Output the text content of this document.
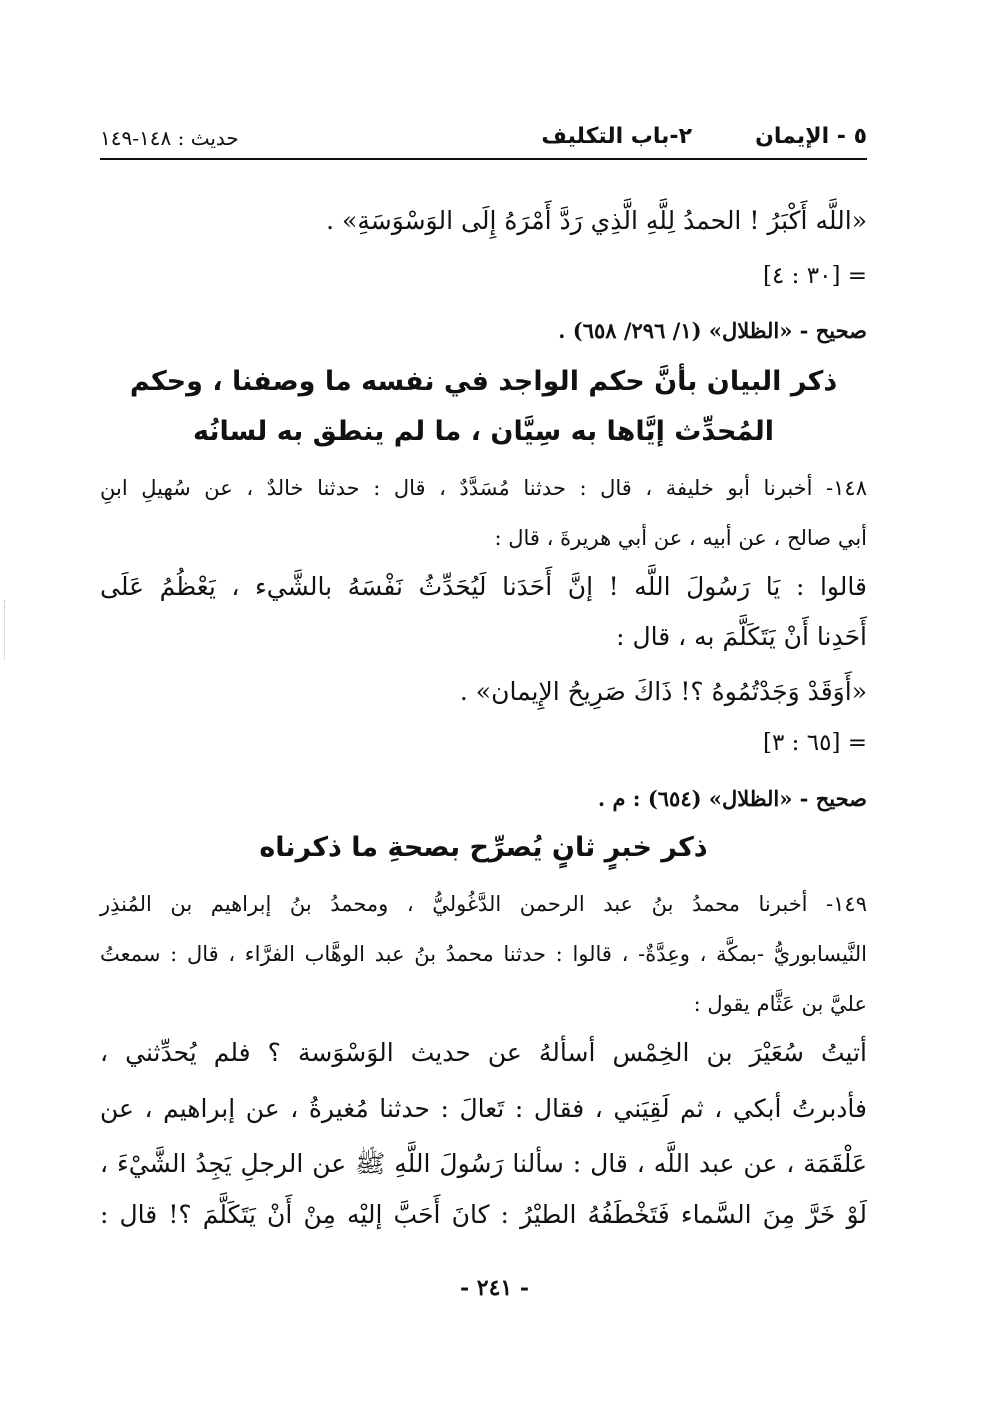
٥ - الإيمان
٢-باب التكليف
حديث : ١٤٨-١٤٩
«اللَّه أَكْبَرُ ! الحمدُ لِلَّهِ الَّذِي رَدَّ أَمْرَهُ إِلَى الوَسْوَسَةِ» .
[٣٠ : ٤] =
صحيح - «الظلال» (١/ ٢٩٦/ ٦٥٨) .
ذكر البيان بأنَّ حكم الواجد في نفسه ما وصفنا ، وحكم
المُحدِّث إيَّاها به سِيَّان ، ما لم ينطق به لسانُه
١٤٨- أخبرنا أبو خليفة ، قال : حدثنا مُسَدَّدٌ ، قال : حدثنا خالدٌ ، عن سُهيلِ ابنِ
أبي صالح ، عن أبيه ، عن أبي هريرةَ ، قال :
قالوا : يَا رَسُولَ اللَّه ! إنَّ أَحَدَنا لَيُحَدِّثُ نَفْسَهُ بالشَّيء ، يَعْظُمُ عَلَى
أَحَدِنا أَنْ يَتَكَلَّمَ به ، قال :
«أَوَقَدْ وَجَدْتُمُوهُ ؟! ذَاكَ صَرِيحُ الإِيمان» .
[٦٥ : ٣] =
صحيح - «الظلال» (٦٥٤) : م .
ذكر خبرٍ ثانٍ يُصرِّح بصحةِ ما ذكرناه
١٤٩- أخبرنا محمدُ بنُ عبد الرحمن الدَّغُوليُّ ، ومحمدُ بنُ إبراهيم بن المُنذِر
النَّيسابوريُّ -بمكَّة ، وعِدَّةٌ- ، قالوا : حدثنا محمدُ بنُ عبد الوهَّاب الفرَّاء ، قال : سمعتُ
عليَّ بن عَثَّام يقول :
أتيتُ سُعَيْرَ بن الخِمْس أسألهُ عن حديث الوَسْوَسة ؟ فلم يُحدِّثني ،
فأدبرتُ أبكي ، ثم لَقِيَني ، فقال : تَعالَ : حدثنا مُغيرةُ ، عن إبراهيم ، عن
عَلْقَمَة ، عن عبد اللَّه ، قال : سألنا رَسُولَ اللَّهِ ﷺ عن الرجلِ يَجِدُ الشَّيْءَ ،
لَوْ خَرَّ مِنَ السَّماء فَتَخْطَفُهُ الطيْرُ : كانَ أَحَبَّ إليْه مِنْ أَنْ يَتَكَلَّمَ ؟! قال :
- ٢٤١ -
